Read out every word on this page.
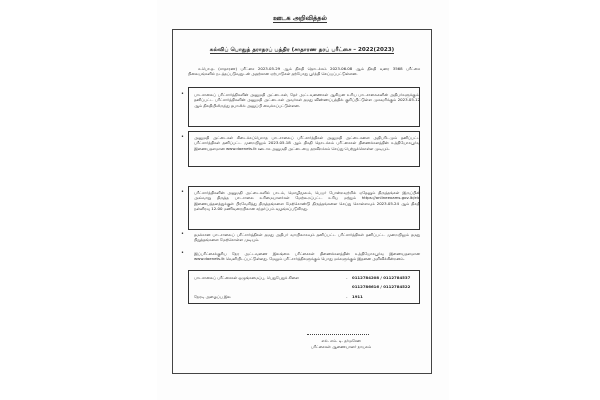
ஊடக அறிவித்தல்
கல்விப் பொதுத் தராதரப் பத்திர (சாதாரண தரப் பரீட்சை – 2022(2023)
க.பொ.த. (சாதாரண) பரீட்சை 2023.05.29 ஆம் திகதி தொடக்கம் 2023.06.08 ஆம் திகதி வரை 3568 பரீட்சை நிலையங்களில் நடத்தப்படுவதுடன் அதற்கான ஏற்பாடுகள் தற்போது பூர்த்தி செய்யப்பட்டுள்ளன.
•	பாடசாலைப் பரீட்சார்த்திகளின் அனுமதி அட்டைகள், தேர் அட்டவணைகள் ஆகியன உரிய பாடசாலைகளின் அதிபர்களுக்கும், தனிப்பட்ட பரீட்சார்த்திகளின் அனுமதி அட்டைகள் அவர்கள் தமது விண்ணப்பத்தில் குறிப்பிட்டுள்ள முகவரிக்கும் 2023.05.12 ஆம் திகதியிலிருந்து தபாலில் அனுப்பி வைக்கப்பட்டுள்ளன.
•	அனுமதி அட்டைகள் கிடைக்கப்பெறாத பாடசாலைப் பரீட்சார்த்திகள் அனுமதி அட்டைகளை அதிபரிடமும் தனிப்பட்ட பரீட்சார்த்திகள் தனிப்பட்ட முறையிலும் 2023.05.18 ஆம் திகதி தொடக்கம் பரீட்சைகள் திணைக்களத்தின் உத்தியோகபூர்வ இணையதளமான www.doenets.lk ஊடாக அனுமதி அட்டையை தரவிறக்கம் செய்து பெற்றுக்கொள்ள முடியும்.
•	பரீட்சார்த்திகளின் அனுமதி அட்டைகளில் பாடம், மொழிமூலம், பெயர் போன்றவற்றில் ஏதேனும் திருத்தங்கள் இருப்பின் அவ்வாறு திருத்த பாடசாலை உரிமையாளர்கள் மேற்கூறப்பட்ட உரிய மற்றும் https://onlineexams.gov.lk/eic இணையத்தளத்துக்குள் பிரவேசித்து திருத்தங்களை மேற்கொண்டு திருத்தங்களை செய்து கொள்ளவும் 2023.05.24 ஆம் திகதி நள்ளிரவு 12.00 மணிவரையிலான சந்தர்ப்பம் வழங்கப்படுகிறது.
•	தமக்கான பாடசாலைப் பரீட்சார்த்திகள் தமது அதிபர் வாயிலாகவும் தனிப்பட்ட பரீட்சார்த்திகள் தனிப்பட்ட முறையிலும் தமது நிறுத்தங்களை மேற்கொள்ள முடியும்.
•	இப்பரீட்சைக்குரிய நேர அட்டவணை இலங்கை பரீட்சைகள் திணைக்களத்தின் உத்தியோகபூர்வ இணையதளமான www.doenets.lk வெளியிடப்பட்டுள்ளது. மேலும் பரீட்சார்த்திகளுக்கும் பொது மக்களுக்கும் இதனை அறிவிக்கின்றனம்.
பாடசாலைப் பரீட்சைகள் ஒழுங்கமைப்பு, பெறுபேறுக் கிளை	- 0112784208 / 0112784537
0112786616 / 0112784522
நேரடி அழைப்பு இல	- 1911
எல். எம். டி. தர்மசேன
பரீட்சைகள் ஆணையாளர் நாயகம்
